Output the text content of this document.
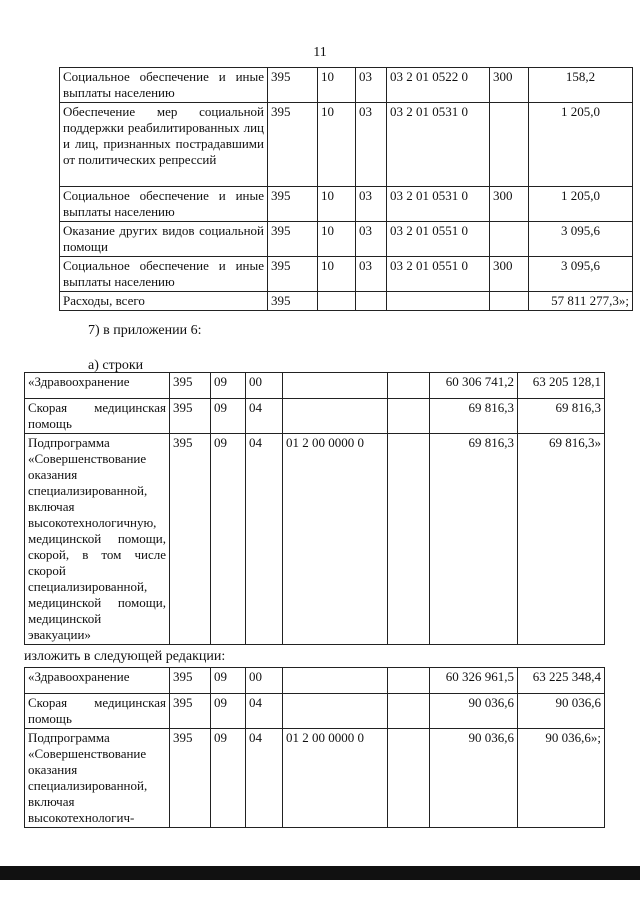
11
Социальное обеспечение и иные выплаты населению	395	10	03	03 2 01 0522 0	300	158,2
Обеспечение мер социальной поддержки реабилитированных лиц и лиц, признанных пострадавшими от политических репрессий	395	10	03	03 2 01 0531 0		1 205,0
Социальное обеспечение и иные выплаты населению	395	10	03	03 2 01 0531 0	300	1 205,0
Оказание других видов социальной помощи	395	10	03	03 2 01 0551 0		3 095,6
Социальное обеспечение и иные выплаты населению	395	10	03	03 2 01 0551 0	300	3 095,6
Расходы, всего	395					57 811 277,3»;
7) в приложении 6:
а) строки
«Здравоохранение	395	09	00			60 306 741,2	63 205 128,1
Скорая медицинская помощь	395	09	04			69 816,3	69 816,3
Подпрограмма «Совершенствование оказания специализированной, включая высокотехнологичную, медицинской помощи, скорой, в том числе скорой специализированной, медицинской помощи, медицинской эвакуации»	395	09	04	01 2 00 0000 0		69 816,3	69 816,3»
изложить в следующей редакции:
«Здравоохранение	395	09	00			60 326 961,5	63 225 348,4
Скорая медицинская помощь	395	09	04			90 036,6	90 036,6
Подпрограмма «Совершенствование оказания специализированной, включая высокотехнологич-	395	09	04	01 2 00 0000 0		90 036,6	90 036,6»;
